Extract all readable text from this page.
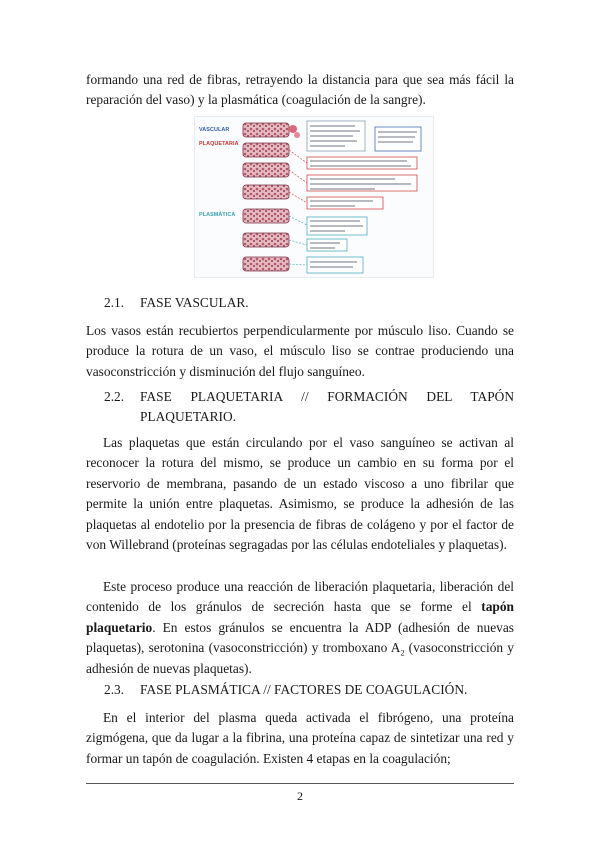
formando una red de fibras, retrayendo la distancia para que sea más fácil la reparación del vaso) y la plasmática (coagulación de la sangre).

VASCULAR
PLAQUETARIA
PLASMÁTICA
2.1.	FASE VASCULAR.

Los vasos están recubiertos perpendicularmente por músculo liso. Cuando se produce la rotura de un vaso, el músculo liso se contrae produciendo una vasoconstricción y disminución del flujo sanguíneo.

2.2.	FASE PLAQUETARIA // FORMACIÓN DEL TAPÓN PLAQUETARIO.

Las plaquetas que están circulando por el vaso sanguíneo se activan al reconocer la rotura del mismo, se produce un cambio en su forma por el reservorio de membrana, pasando de un estado viscoso a uno fibrilar que permite la unión entre plaquetas. Asimismo, se produce la adhesión de las plaquetas al endotelio por la presencia de fibras de colágeno y por el factor de von Willebrand (proteínas segragadas por las células endoteliales y plaquetas).

Este proceso produce una reacción de liberación plaquetaria, liberación del contenido de los gránulos de secreción hasta que se forme el tapón plaquetario. En estos gránulos se encuentra la ADP (adhesión de nuevas plaquetas), serotonina (vasoconstricción) y tromboxano $A_2$ (vasoconstricción y adhesión de nuevas plaquetas).

2.3.	FASE PLASMÁTICA // FACTORES DE COAGULACIÓN.

En el interior del plasma queda activada el fibrógeno, una proteína zigmógena, que da lugar a la fibrina, una proteína capaz de sintetizar una red y formar un tapón de coagulación. Existen 4 etapas en la coagulación;

2
